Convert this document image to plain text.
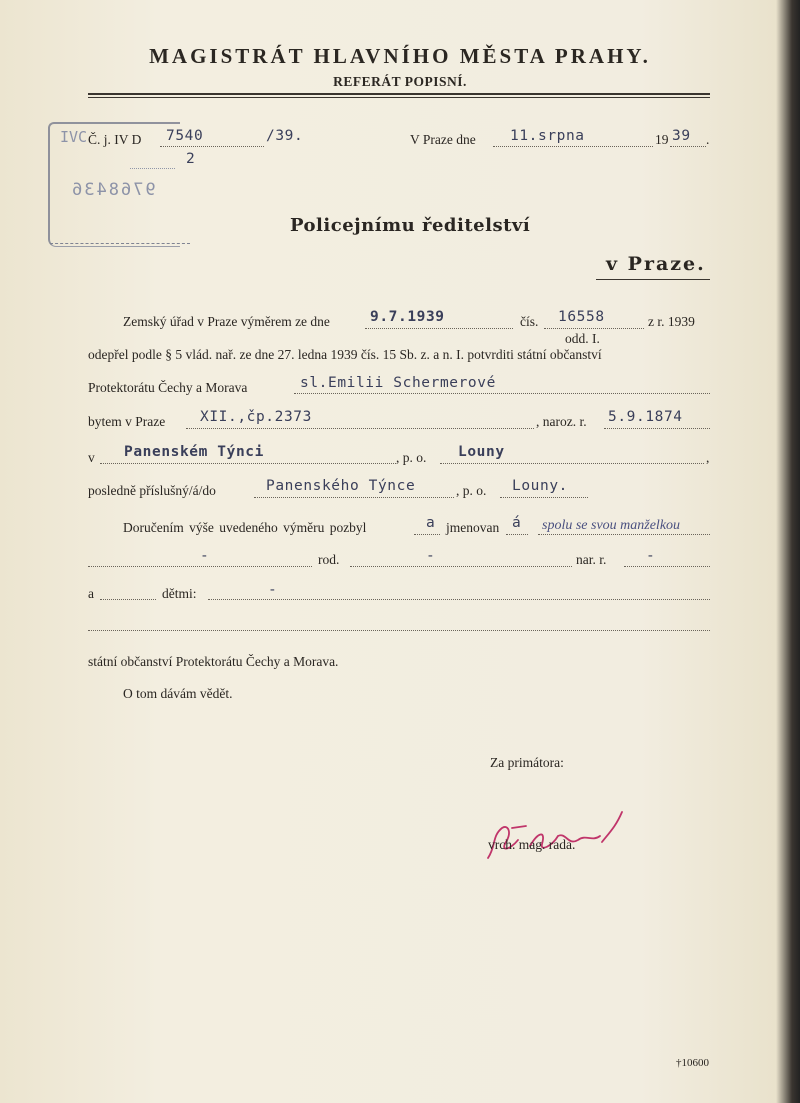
MAGISTRÁT HLAVNÍHO MĚSTA PRAHY.
REFERÁT POPISNÍ.
IVC
9768436
Č. j. IV D 7540	/39.
2
V Praze dne 11.srpna	19 39 .
Policejnímu ředitelství
v Praze.
Zemský úřad v Praze výměrem ze dne	9.7.1939	čís. 16558	z r. 1939
odd. I.
odepřel podle § 5 vlád. nař. ze dne 27. ledna 1939 čís. 15 Sb. z. a n. I. potvrditi státní občanství
Protektorátu Čechy a Morava	sl.Emilii Schermerové
bytem v Praze XII.,čp.2373	, naroz. r. 5.9.1874
v Panenském Týnci	, p. o. Louny	,
posledně příslušný/á/do	Panenského Týnce	, p. o. Louny.
Doručením výše uvedeného výměru pozbyl	a jmenovan á spolu se svou manželkou
-	rod.	-	nar. r.	-
a	dětmi:	-
státní občanství Protektorátu Čechy a Morava.
O tom dávám vědět.
Za primátora:
vrch. mag. rada.
†10600
